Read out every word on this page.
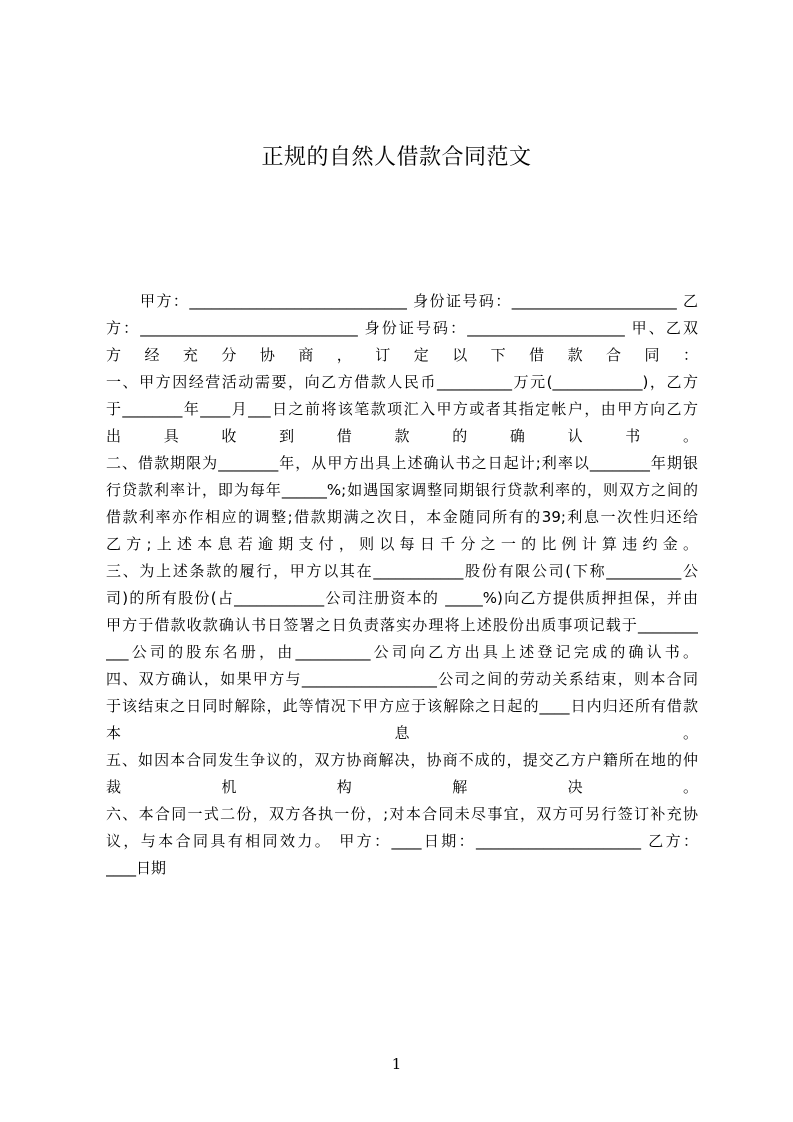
正规的自然人借款合同范文
甲方：_____________________________ 身份证号码：______________________ 乙
方：_____________________________ 身份证号码：_____________________ 甲、乙双
方 经 充 分 协 商 ， 订 定 以 下 借 款 合 同 ：
一、甲方因经营活动需要，向乙方借款人民币__________万元(____________)，乙方
于________年____月___日之前将该笔款项汇入甲方或者其指定帐户，由甲方向乙方
出 具 收 到 借 款 的 确 认 书 。
二、借款期限为________年，从甲方出具上述确认书之日起计;利率以________年期银
行贷款利率计，即为每年______%;如遇国家调整同期银行贷款利率的，则双方之间的
借款利率亦作相应的调整;借款期满之次日，本金随同所有的39;利息一次性归还给
乙方;上述本息若逾期支付，则以每日千分之一的比例计算违约金。
三、为上述条款的履行，甲方以其在____________股份有限公司(下称__________公
司)的所有股份(占____________公司注册资本的 _____%)向乙方提供质押担保，并由
甲方于借款收款确认书日签署之日负责落实办理将上述股份出质事项记载于________
___公司的股东名册，由__________公司向乙方出具上述登记完成的确认书。
四、双方确认，如果甲方与__________________公司之间的劳动关系结束，则本合同
于该结束之日同时解除，此等情况下甲方应于该解除之日起的____日内归还所有借款
本 息 。
五、如因本合同发生争议的，双方协商解决，协商不成的，提交乙方户籍所在地的仲
裁 机 构 解 决 。
六、本合同一式二份，双方各执一份，;对本合同未尽事宜，双方可另行签订补充协
议，与本合同具有相同效力。 甲方：____日期：______________________ 乙方：
____日期
1
